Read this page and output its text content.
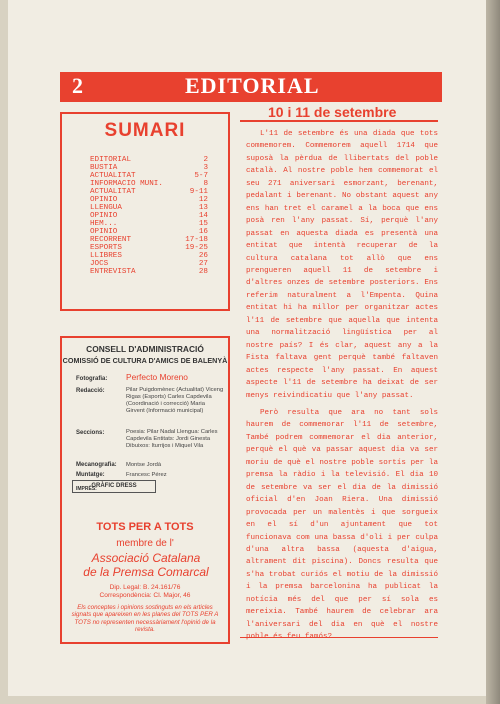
2	EDITORIAL
SUMARI
EDITORIAL	2
BUSTIA	3
ACTUALITAT	5-7
INFORMACIO MUNI.	8
ACTUALITAT	9-11
OPINIO	12
LLENGUA	13
OPINIO	14
HEM...	15
OPINIO	16
RECORRENT	17-18
ESPORTS	19-25
LLIBRES	26
JOCS	27
ENTREVISTA	28
CONSELL D'ADMINISTRACIÓ
COMISSIÓ DE CULTURA D'AMICS DE BALENYÀ
Fotografia: Perfecto Moreno
Redacció:	Pilar Puigdomènec (Actualitat) Viceng Rigas (Esports) Carles Capdevila (Coordinació i correcció) Maria Girvent (Informació municipal)
Seccions:	Poesia: Pilar Nadal Llengua: Carles Capdevila Entitats: Jordi Ginesta Dibuixos: Iturrijos i Miquel Vila
Mecanografia: Montse Jordà
Muntatge:	Francesc Pérez
IMPRÈS:
TOTS PER A TOTS
membre de l'
Associació Catalana
de la Premsa Comarcal
Dip. Legal: B. 24.161/76
Correspondència: Cl. Major, 46
Els conceptes i opinions sostinguts en els articles signats que apareixen en les planes del TOTS PER A TOTS no representen necessàriament l'opinió de la revista.
GRÀFIC DRESS
10 i 11 de setembre

L'11 de setembre és una diada que tots commemorem. Commemorem aquell 1714 que suposà la pèrdua de llibertats del poble català. Al nostre poble hem commemorat el seu 271 aniversari esmorzant, berenant, pedalant i berenant. No obstant aquest any ens han tret el caramel a la boca que ens posà ren l'any passat. Sí, perquè l'any passat en aquesta diada es presentà una entitat que intentà recuperar de la cultura catalana tot allò que ens prengueren aquell 11 de setembre i d'altres onzes de setembre posteriors. Ens referim naturalment a l'Empenta. Quina entitat hi ha millor per organitzar actes l'11 de setembre que aquella que intenta una normalització lingüística per al nostre país? I és clar, aquest any a la Fista faltava gent perquè també faltaven actes respecte l'any passat. En aquest aspecte l'11 de setembre ha deixat de ser menys reivindicatiu que l'any passat.

Però resulta que ara no tant sols haurem de commemorar l'11 de setembre, També podrem commemorar el dia anterior, perquè el què va passar aquest dia va ser moriu de què el nostre poble sortís per la premsa la ràdio i la televisió. El dia 10 de setembre va ser el dia de la dimissió oficial d'en Joan Riera. Una dimissió provocada per un malentès i que sorgueix en el sí d'un ajuntament que tot funcionava com una bassa d'oli i per culpa d'una altra bassa (aquesta d'aigua, altrament dit piscina). Doncs resulta que s'ha trobat curiós el motiu de la dimissió i la premsa barcelonina ha publicat la notícia més del que per sí sola es mereixia. També haurem de celebrar ara l'aniversari del dia en què el nostre
